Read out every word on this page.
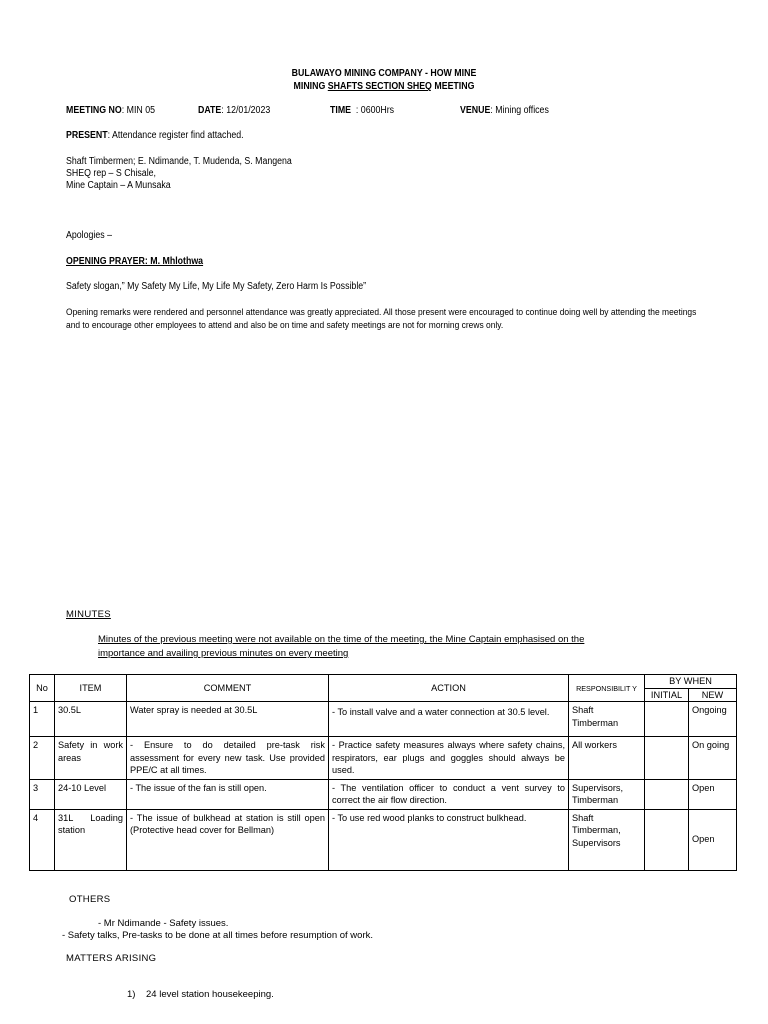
BULAWAYO MINING COMPANY - HOW MINE
MINING SHAFTS SECTION SHEQ MEETING
MEETING NO: MIN 05	DATE: 12/01/2023	TIME : 0600Hrs	VENUE: Mining offices
PRESENT: Attendance register find attached.
Shaft Timbermen; E. Ndimande, T. Mudenda, S. Mangena
SHEQ rep – S Chisale,
Mine Captain – A Munsaka
Apologies –
OPENING PRAYER: M. Mhlothwa
Safety slogan,” My Safety My Life, My Life My Safety, Zero Harm Is Possible”
Opening remarks were rendered and personnel attendance was greatly appreciated. All those present were encouraged to continue doing well by attending the meetings and to encourage other employees to attend and also be on time and safety meetings are not for morning crews only.
MINUTES
Minutes of the previous meeting were not available on the time of the meeting, the Mine Captain emphasised on the
importance and availing previous minutes on every meeting
No	ITEM	COMMENT	ACTION	RESPONSIBILIT Y	BY WHEN	
					INITIAL	NEW
1	30.5L	Water spray is needed at 30.5L	- To install valve and a water connection at 30.5 level.	Shaft Timberman		Ongoing
2	Safety in work areas	- Ensure to do detailed pre-task risk assessment for every new task. Use provided PPE/C at all times.	- Practice safety measures always where safety chains, respirators, ear plugs and goggles should always be used.	All workers		On going
3	24-10 Level	- The issue of the fan is still open.	- The ventilation officer to conduct a vent survey to correct the air flow direction.	Supervisors, Timberman		Open
4	31L Loading station	- The issue of bulkhead at station is still open (Protective head cover for Bellman)	- To use red wood planks to construct bulkhead.	Shaft Timberman, Supervisors		Open
OTHERS
- Mr Ndimande - Safety issues.
- Safety talks, Pre-tasks to be done at all times before resumption of work.
MATTERS ARISING
1)    24 level station housekeeping.
